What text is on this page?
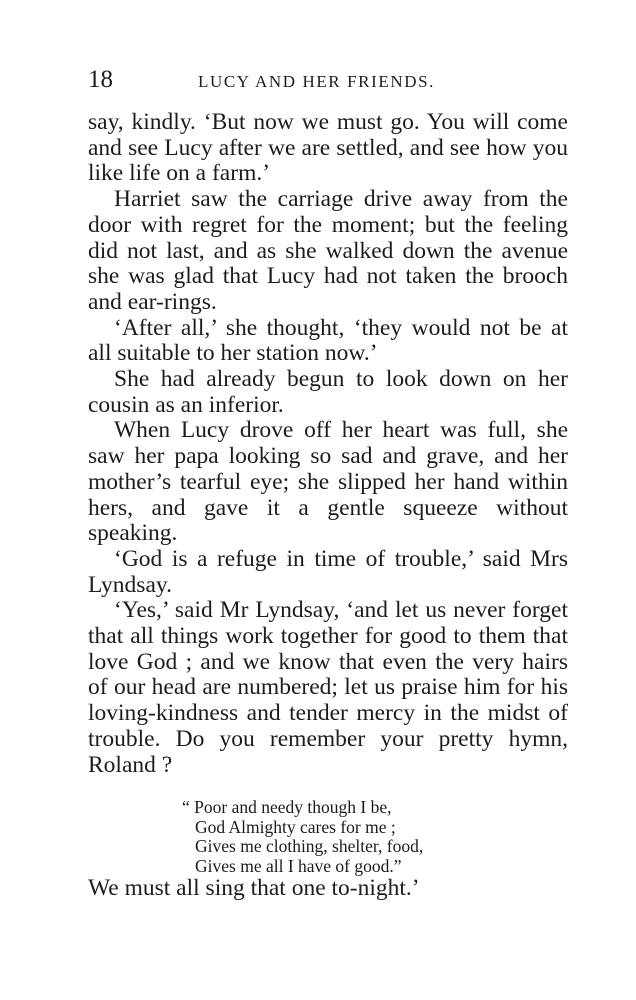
18	LUCY AND HER FRIENDS.

say, kindly. ‘But now we must go. You will come and see Lucy after we are settled, and see how you like life on a farm.’

Harriet saw the carriage drive away from the door with regret for the moment; but the feeling did not last, and as she walked down the avenue she was glad that Lucy had not taken the brooch and ear-rings.

‘After all,’ she thought, ‘they would not be at all suitable to her station now.’

She had already begun to look down on her cousin as an inferior.

When Lucy drove off her heart was full, she saw her papa looking so sad and grave, and her mother’s tearful eye; she slipped her hand within hers, and gave it a gentle squeeze without speaking.

‘God is a refuge in time of trouble,’ said Mrs Lyndsay.

‘Yes,’ said Mr Lyndsay, ‘and let us never forget that all things work together for good to them that love God ; and we know that even the very hairs of our head are numbered; let us praise him for his loving-kindness and tender mercy in the midst of trouble. Do you remember your pretty hymn, Roland ?

“ Poor and needy though I be,
God Almighty cares for me ;
Gives me clothing, shelter, food,
Gives me all I have of good.”

We must all sing that one to-night.’
